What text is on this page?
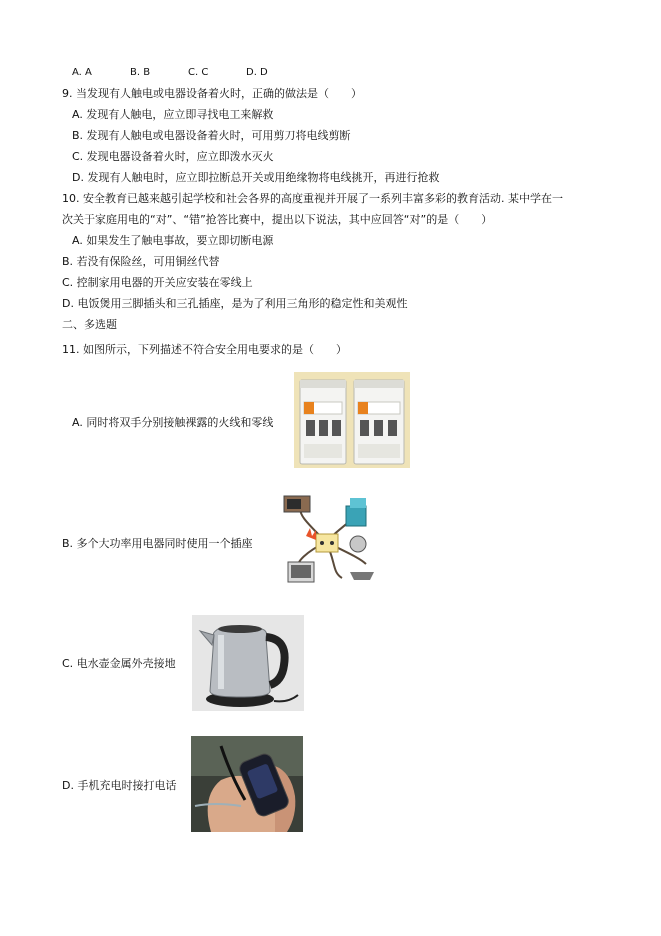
A. A	B. B	C. C	D. D
9. 当发现有人触电或电器设备着火时，正确的做法是（　　）
A. 发现有人触电，应立即寻找电工来解救
B. 发现有人触电或电器设备着火时，可用剪刀将电线剪断
C. 发现电器设备着火时，应立即泼水灭火
D. 发现有人触电时，应立即拉断总开关或用绝缘物将电线挑开，再进行抢救
10. 安全教育已越来越引起学校和社会各界的高度重视并开展了一系列丰富多彩的教育活动. 某中学在一
次关于家庭用电的“对”、“错”抢答比赛中，提出以下说法，其中应回答“对”的是（　　）
A. 如果发生了触电事故，要立即切断电源
B. 若没有保险丝，可用铜丝代替
C. 控制家用电器的开关应安装在零线上
D. 电饭煲用三脚插头和三孔插座，是为了利用三角形的稳定性和美观性
二、多选题
11. 如图所示，下列描述不符合安全用电要求的是（　　）
A. 同时将双手分别接触裸露的火线和零线
B. 多个大功率用电器同时使用一个插座
C. 电水壶金属外壳接地
D. 手机充电时接打电话
